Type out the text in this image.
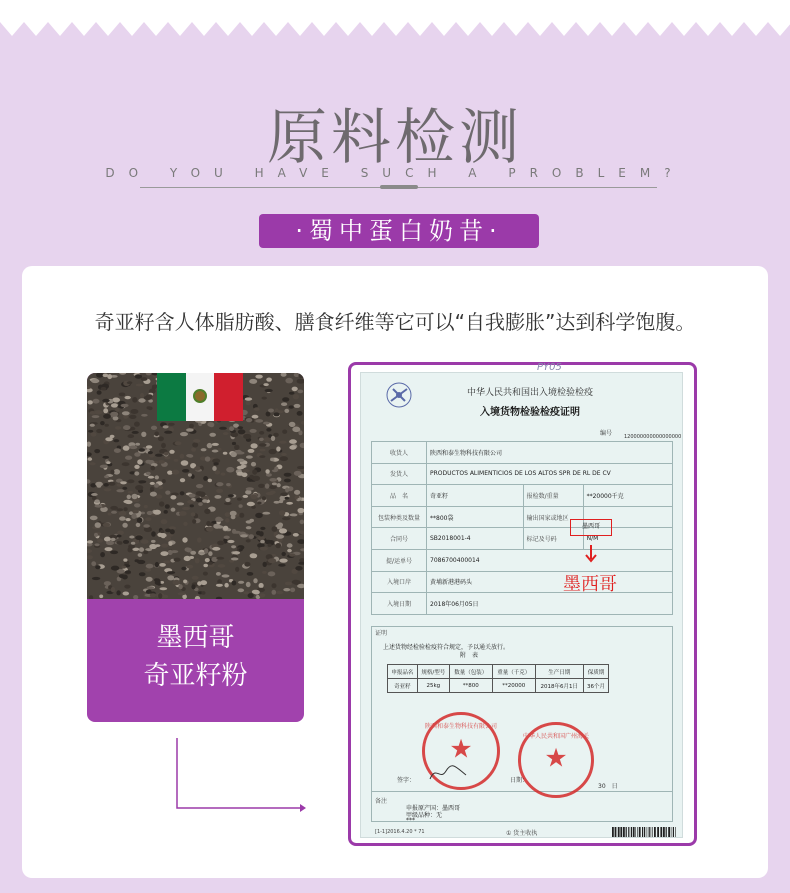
原料检测
DO YOU HAVE SUCH A PROBLEM?
·蜀中蛋白奶昔·
奇亚籽含人体脂肪酸、膳食纤维等它可以“自我膨胀”达到科学饱腹。
墨西哥
奇亚籽粉
PY05
中华人民共和国出入境检验检疫
入境货物检验检疫证明
编号 120000000000000000
收货人	陕西和泰生物科技有限公司		
发货人	PRODUCTOS ALIMENTICIOS DE LOS ALTOS SPR DE RL DE CV		
品　名	奇亚籽	报检数/重量	**20000千克
包装种类及数量	**800袋	输出国家或地区	
合同号	SB2018001-4	标记及号码	N/M
提/运单号	7086700400014		
入境口岸	黄埔新港港码头		
入境日期	2018年06月05日		
墨西哥
墨西哥
证明
上述货物经检验检疫符合规定，予以通关放行。
附　表
申报品名	规格/型号	数量（包装）	重量（千克）	生产日期	保质期
奇亚籽	25kg	**800	**20000	2018年6月1日	36个月
陕西和泰生物科技有限公司
★	中华人民共和国广州海关
★
签字：	日期：
30　日
备注
申报原产国：墨西哥
甲级品种：无
***
[1-1]2016.4.20 * 71	① 货主收执
